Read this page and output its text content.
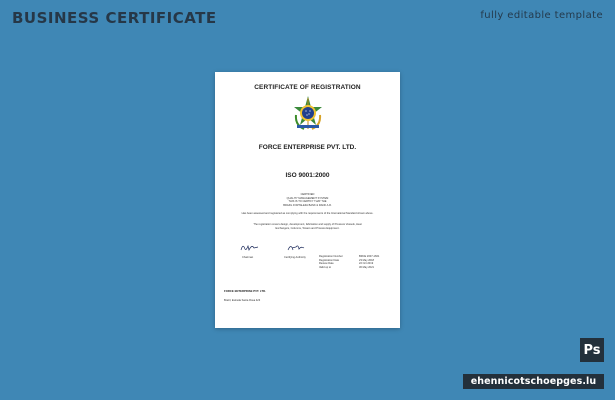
BUSINESS CERTIFICATE	fully editable template
CERTIFICATE OF REGISTRATION
FORCE ENTERPRISE PVT. LTD.
ISO 9001:2000
CERTIFIED
QUALITY MANAGEMENT SYSTEM
THIS IS TO CERTIFY THAT THE
BRAZIL FORTALEZA BANK & RANK A.R.
Has been assessed and registered as complying with the requirements of the International Standard shown above.
The registration covers design, development, fabrication and supply of Pressure Vessels, Heat
Exchangers, Columns, Towers and Process Equipment.
Chairman	Certifying Authority	Registration Number	BRCE 2007-1661
Registration Date	23 May 2018
Review Date	22 Oct 2019
Valid up to	30 May 2021
FORCE ENTERPRISE PVT. LTD.
Brazil, Estrada Santa Rosa 423
Ps
ehennicotschoepges.lu
